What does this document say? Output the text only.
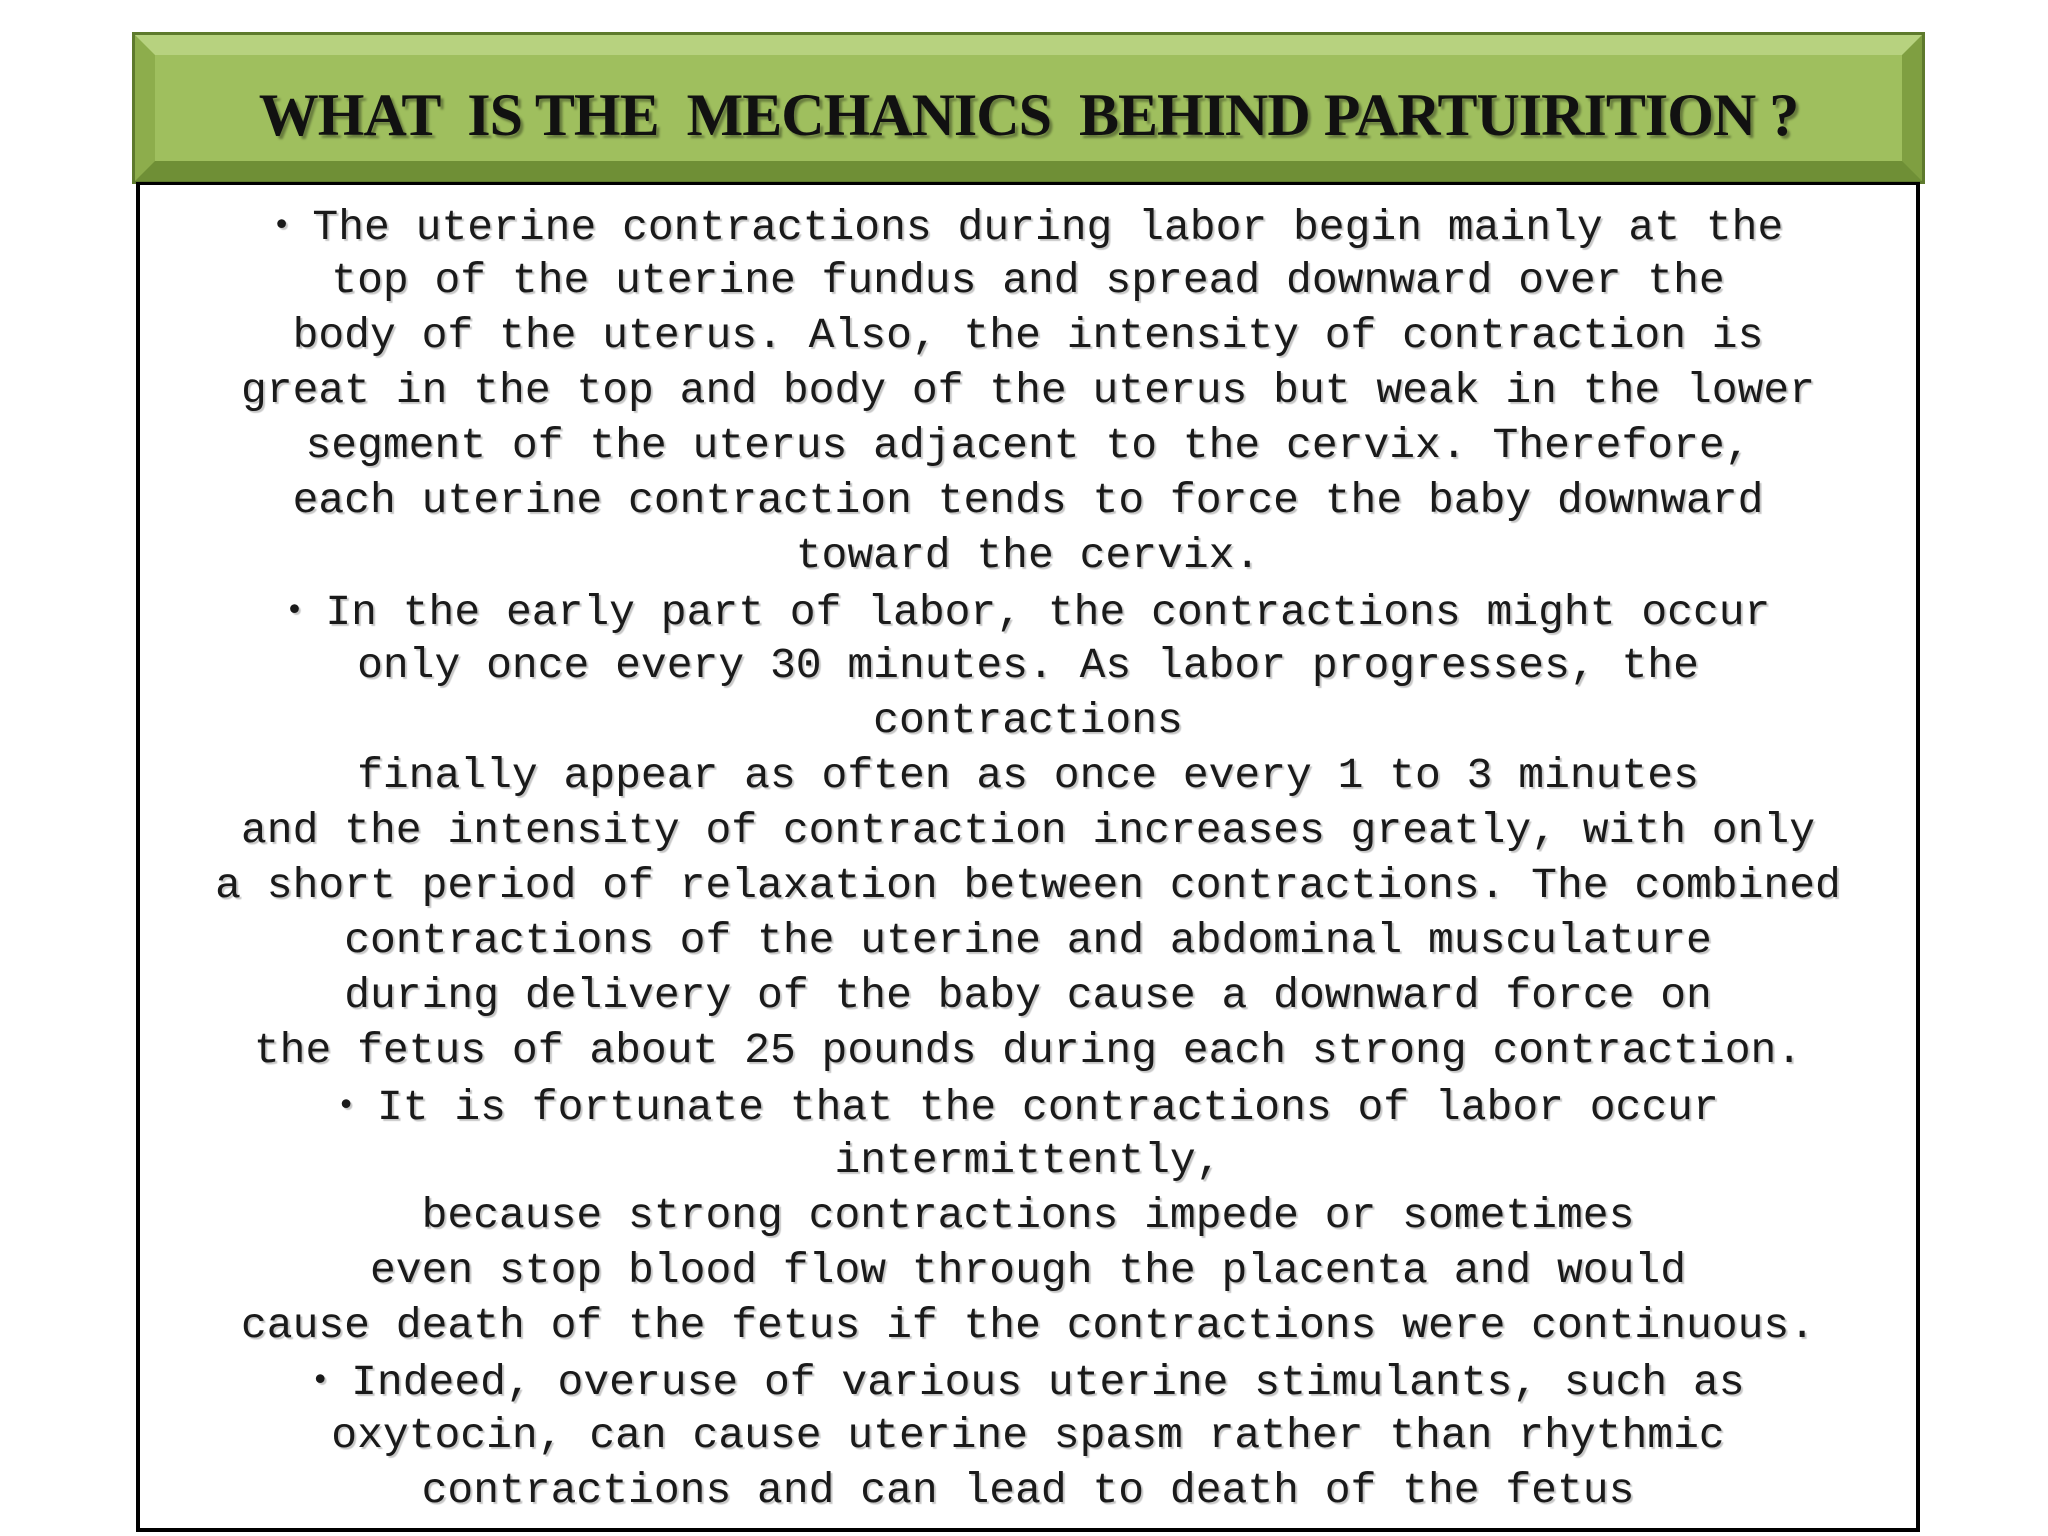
WHAT  IS THE  MECHANICS  BEHIND PARTUIRITION ?
• The uterine contractions during labor begin mainly at the
top of the uterine fundus and spread downward over the
body of the uterus. Also, the intensity of contraction is
great in the top and body of the uterus but weak in the lower
segment of the uterus adjacent to the cervix. Therefore,
each uterine contraction tends to force the baby downward
toward the cervix.
• In the early part of labor, the contractions might occur
only once every 30 minutes. As labor progresses, the
contractions
finally appear as often as once every 1 to 3 minutes
and the intensity of contraction increases greatly, with only
a short period of relaxation between contractions. The combined
contractions of the uterine and abdominal musculature
during delivery of the baby cause a downward force on
the fetus of about 25 pounds during each strong contraction.
• It is fortunate that the contractions of labor occur
intermittently,
because strong contractions impede or sometimes
even stop blood flow through the placenta and would
cause death of the fetus if the contractions were continuous.
• Indeed, overuse of various uterine stimulants, such as
oxytocin, can cause uterine spasm rather than rhythmic
contractions and can lead to death of the fetus
